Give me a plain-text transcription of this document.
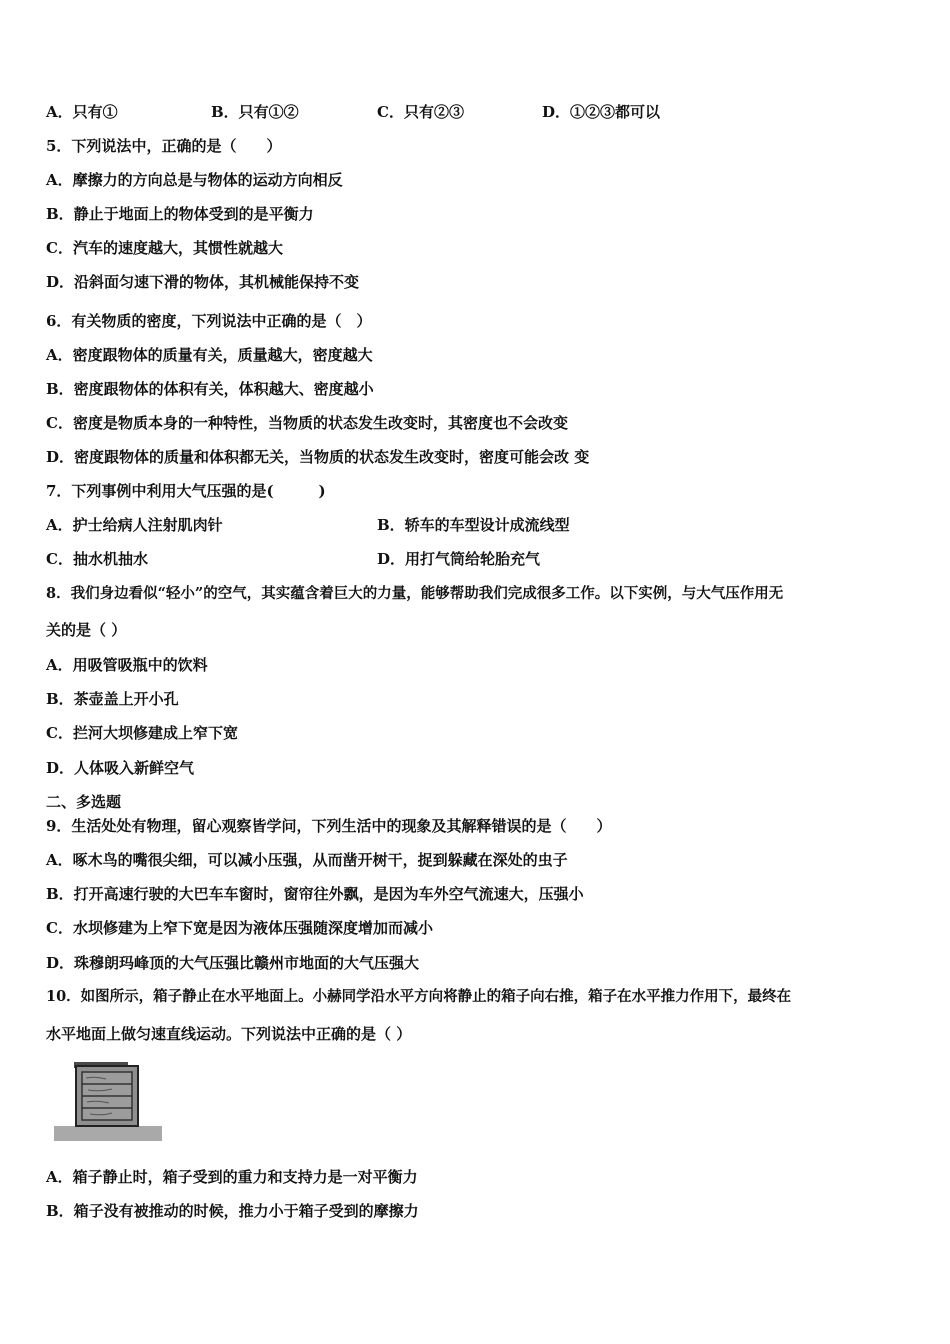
A．只有①	B．只有①②	C．只有②③	D．①②③都可以
5．下列说法中，正确的是（　　）
A．摩擦力的方向总是与物体的运动方向相反
B．静止于地面上的物体受到的是平衡力
C．汽车的速度越大，其惯性就越大
D．沿斜面匀速下滑的物体，其机械能保持不变
6．有关物质的密度，下列说法中正确的是（　）
A．密度跟物体的质量有关，质量越大，密度越大
B．密度跟物体的体积有关，体积越大、密度越小
C．密度是物质本身的一种特性，当物质的状态发生改变时，其密度也不会改变
D．密度跟物体的质量和体积都无关，当物质的状态发生改变时，密度可能会改 变
7．下列事例中利用大气压强的是(　　　)
A．护士给病人注射肌肉针	B．轿车的车型设计成流线型
C．抽水机抽水	D．用打气筒给轮胎充气
8．我们身边看似“轻小”的空气，其实蕴含着巨大的力量，能够帮助我们完成很多工作。以下实例，与大气压作用无
关的是（ ）
A．用吸管吸瓶中的饮料
B．茶壶盖上开小孔
C．拦河大坝修建成上窄下宽
D．人体吸入新鲜空气
二、多选题
9．生活处处有物理，留心观察皆学问，下列生活中的现象及其解释错误的是（　　）
A．啄木鸟的嘴很尖细，可以减小压强，从而凿开树干，捉到躲藏在深处的虫子
B．打开高速行驶的大巴车车窗时，窗帘往外飘，是因为车外空气流速大，压强小
C．水坝修建为上窄下宽是因为液体压强随深度增加而减小
D．珠穆朗玛峰顶的大气压强比赣州市地面的大气压强大
10．如图所示，箱子静止在水平地面上。小赫同学沿水平方向将静止的箱子向右推，箱子在水平推力作用下，最终在
水平地面上做匀速直线运动。下列说法中正确的是（ ）
A．箱子静止时，箱子受到的重力和支持力是一对平衡力
B．箱子没有被推动的时候，推力小于箱子受到的摩擦力
